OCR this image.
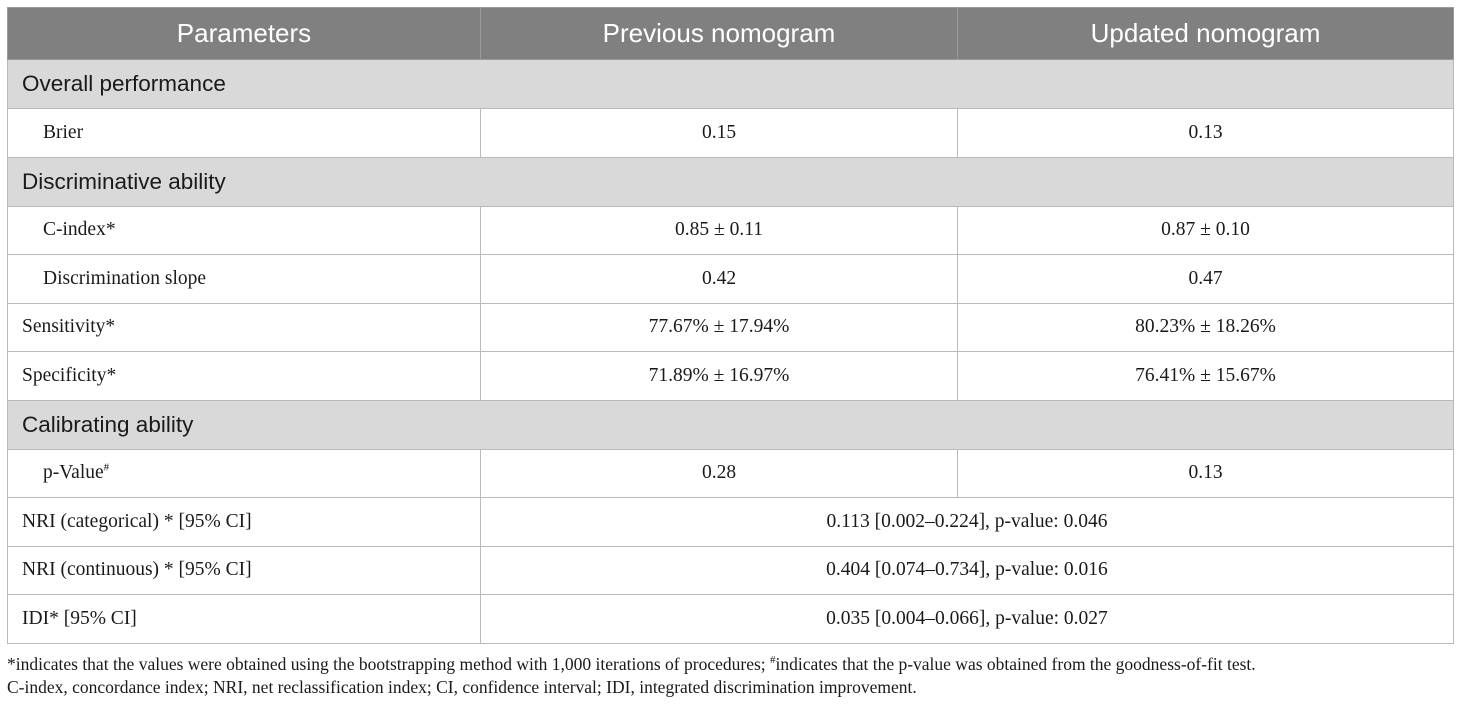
Parameters	Previous nomogram	Updated nomogram
Overall performance		
Brier	0.15	0.13
Discriminative ability		
C-index*	0.85 ± 0.11	0.87 ± 0.10
Discrimination slope	0.42	0.47
Sensitivity*	77.67% ± 17.94%	80.23% ± 18.26%
Specificity*	71.89% ± 16.97%	76.41% ± 15.67%
Calibrating ability		
p-Value#	0.28	0.13
NRI (categorical) * [95% CI]	0.113 [0.002–0.224], p-value: 0.046	
NRI (continuous) * [95% CI]	0.404 [0.074–0.734], p-value: 0.016	
IDI* [95% CI]	0.035 [0.004–0.066], p-value: 0.027	
*indicates that the values were obtained using the bootstrapping method with 1,000 iterations of procedures; #indicates that the p-value was obtained from the goodness-of-fit test.
C-index, concordance index; NRI, net reclassification index; CI, confidence interval; IDI, integrated discrimination improvement.
